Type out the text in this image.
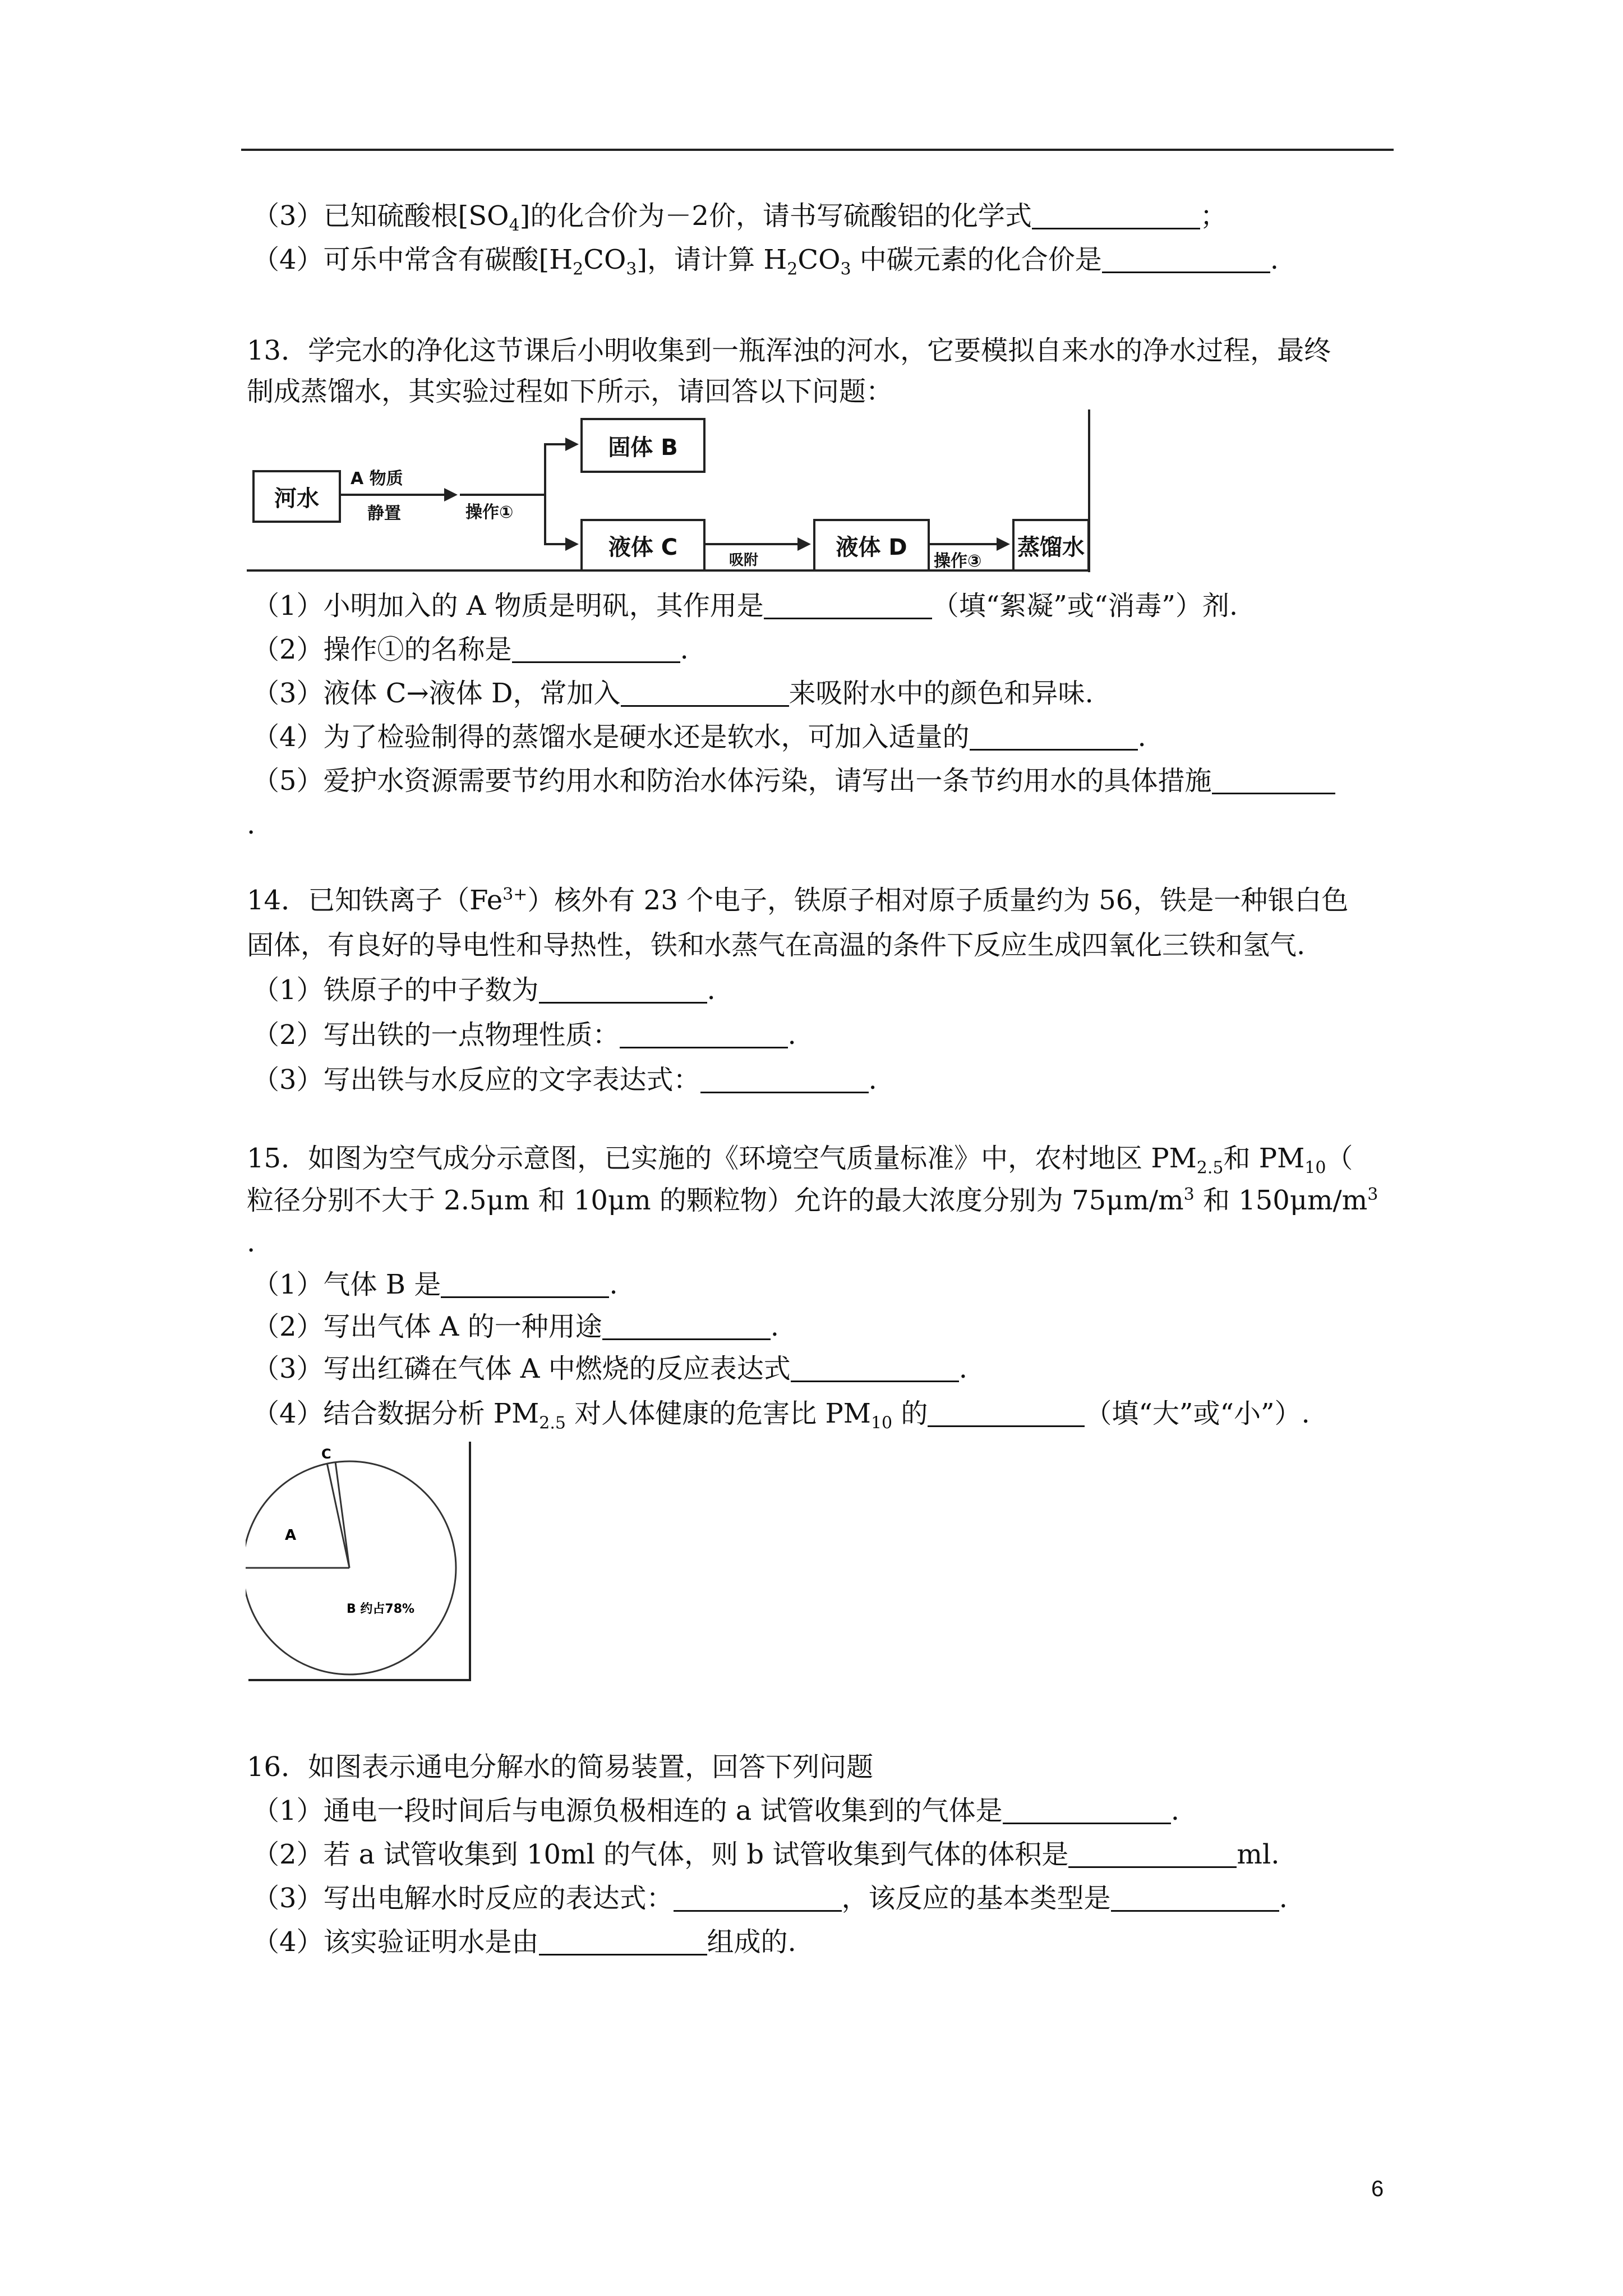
（3）已知硫酸根$[SO_4]$的化合价为－2价，请书写硫酸铝的化学式	；
（4）可乐中常含有碳酸$[H_2CO_3]$，请计算 $H_2CO_3$ 中碳元素的化合价是	.
13．学完水的净化这节课后小明收集到一瓶浑浊的河水，它要模拟自来水的净水过程，最终
制成蒸馏水，其实验过程如下所示，请回答以下问题：
河水
A 物质
静置	操作①
固体 B
液体 C
吸附
液体 D
操作③
蒸馏水
（1）小明加入的 A 物质是明矾，其作用是	（填“絮凝”或“消毒”）剂.
（2）操作①的名称是	.
（3）液体 C→液体 D，常加入	来吸附水中的颜色和异味.
（4）为了检验制得的蒸馏水是硬水还是软水，可加入适量的	.
（5）爱护水资源需要节约用水和防治水体污染，请写出一条节约用水的具体措施
.
14．已知铁离子$(Fe^{3+})$核外有 23 个电子，铁原子相对原子质量约为 56，铁是一种银白色
固体，有良好的导电性和导热性，铁和水蒸气在高温的条件下反应生成四氧化三铁和氢气.
（1）铁原子的中子数为	.
（2）写出铁的一点物理性质：	.
（3）写出铁与水反应的文字表达式：	.
15．如图为空气成分示意图，已实施的《环境空气质量标准》中，农村地区 $PM_{2.5}$和 $PM_{10}$（
粒径分别不大于 2.5μm 和 10μm 的颗粒物）允许的最大浓度分别为 $75\mu m/m^3$ 和 $150\mu m/m^3$
.
（1）气体 B 是	.
（2）写出气体 A 的一种用途	.
（3）写出红磷在气体 A 中燃烧的反应表达式	.
（4）结合数据分析 $PM_{2.5}$ 对人体健康的危害比 $PM_{10}$ 的	（填“大”或“小”）.
C
A
B 约占78%
16．如图表示通电分解水的简易装置，回答下列问题
（1）通电一段时间后与电源负极相连的 a 试管收集到的气体是	.
（2）若 a 试管收集到 10ml 的气体，则 b 试管收集到气体的体积是	ml.
（3）写出电解水时反应的表达式：	，该反应的基本类型是	.
（4）该实验证明水是由	组成的.
6
